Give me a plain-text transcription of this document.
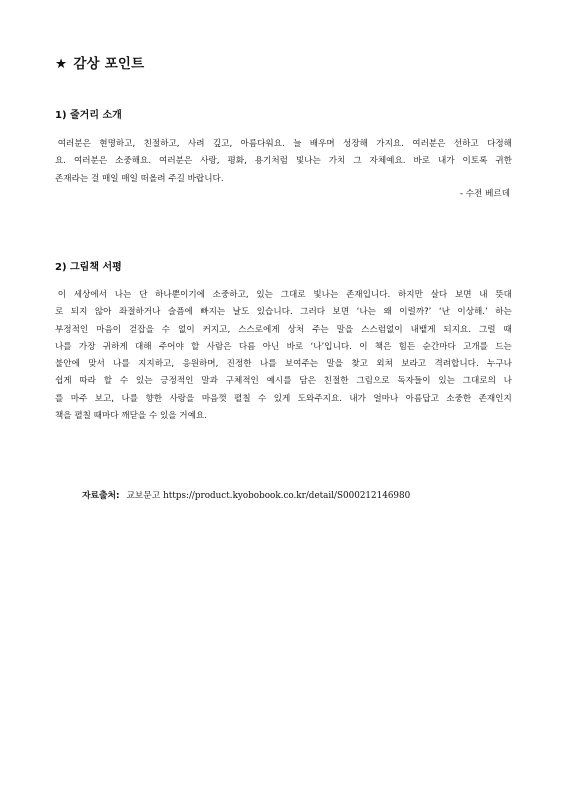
★ 감상 포인트
1) 줄거리 소개
여러분은 현명하고, 친절하고, 사려 깊고, 아름다워요. 늘 배우며 성장해 가지요. 여러분은 선하고 다정해
요. 여러분은 소중해요. 여러분은 사랑, 평화, 용기처럼 빛나는 가치 그 자체예요. 바로 내가 이토록 귀한
존재라는 걸 매일 매일 떠올려 주길 바랍니다.
- 수전 베르데
2) 그림책 서평
이 세상에서 나는 단 하나뿐이기에 소중하고, 있는 그대로 빛나는 존재입니다. 하지만 살다 보면 내 뜻대
로 되지 않아 좌절하거나 슬픔에 빠지는 날도 있습니다. 그러다 보면 ‘나는 왜 이럴까?’ ‘난 이상해.’ 하는
부정적인 마음이 걷잡을 수 없이 커지고, 스스로에게 상처 주는 말을 스스럼없이 내뱉게 되지요. 그럴 때
나를 가장 귀하게 대해 주어야 할 사람은 다름 아닌 바로 ‘나’입니다. 이 책은 힘든 순간마다 고개를 드는
불안에 맞서 나를 지지하고, 응원하며, 진정한 나를 보여주는 말을 찾고 외쳐 보라고 격려합니다. 누구나
쉽게 따라 할 수 있는 긍정적인 말과 구체적인 예시를 담은 친절한 그림으로 독자들이 있는 그대로의 나
를 마주 보고, 나를 향한 사랑을 마음껏 펼칠 수 있게 도와주지요. 내가 얼마나 아름답고 소중한 존재인지
책을 펼칠 때마다 깨닫을 수 있을 거예요.
자료출처: 교보문고 https://product.kyobobook.co.kr/detail/S000212146980
